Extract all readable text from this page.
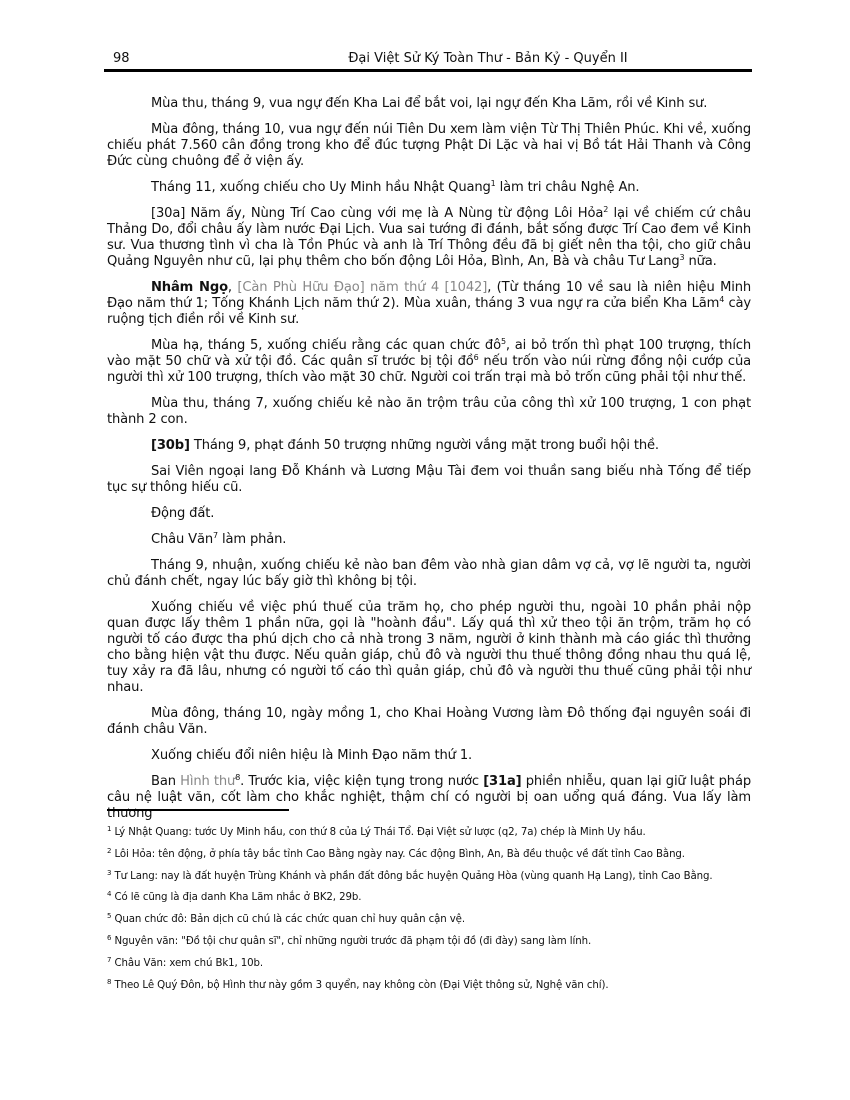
98	Đại Việt Sử Ký Toàn Thư - Bản Kỷ - Quyển II

Mùa thu, tháng 9, vua ngự đến Kha Lai để bắt voi, lại ngự đến Kha Lãm, rồi về Kinh sư.

Mùa đông, tháng 10, vua ngự đến núi Tiên Du xem làm viện Từ Thị Thiên Phúc. Khi về, xuống chiếu phát 7.560 cân đồng trong kho để đúc tượng Phật Di Lặc và hai vị Bồ tát Hải Thanh và Công Đức cùng chuông để ở viện ấy.

Tháng 11, xuống chiếu cho Uy Minh hầu Nhật Quang$^1$ làm tri châu Nghệ An.

[30a] Năm ấy, Nùng Trí Cao cùng với mẹ là A Nùng từ động Lôi Hỏa$^2$ lại về chiếm cứ châu Thảng Do, đổi châu ấy làm nước Đại Lịch. Vua sai tướng đi đánh, bắt sống được Trí Cao đem về Kinh sư. Vua thương tình vì cha là Tồn Phúc và anh là Trí Thông đều đã bị giết nên tha tội, cho giữ châu Quảng Nguyên như cũ, lại phụ thêm cho bốn động Lôi Hỏa, Bình, An, Bà và châu Tư Lang$^3$ nữa.

Nhâm Ngọ, [Càn Phù Hữu Đạo] năm thứ 4 [1042], (Từ tháng 10 về sau là niên hiệu Minh Đạo năm thứ 1; Tống Khánh Lịch năm thứ 2). Mùa xuân, tháng 3 vua ngự ra cửa biển Kha Lãm$^4$ cày ruộng tịch điền rồi về Kinh sư.

Mùa hạ, tháng 5, xuống chiếu rằng các quan chức $đô^5$, ai bỏ trốn thì phạt 100 trượng, thích vào mặt 50 chữ và xử tội đồ. Các quân sĩ trước bị tội đồ$^6$ nếu trốn vào núi rừng đồng nội cướp của người thì xử 100 trượng, thích vào mặt 30 chữ. Người coi trấn trại mà bỏ trốn cũng phải tội như thế.

Mùa thu, tháng 7, xuống chiếu kẻ nào ăn trộm trâu của công thì xử 100 trượng, 1 con phạt thành 2 con.

[30b] Tháng 9, phạt đánh 50 trượng những người vắng mặt trong buổi hội thề.

Sai Viên ngoại lang Đỗ Khánh và Lương Mậu Tài đem voi thuần sang biếu nhà Tống để tiếp tục sự thông hiếu cũ.

Động đất.

Châu Văn$^7$ làm phản.

Tháng 9, nhuận, xuống chiếu kẻ nào ban đêm vào nhà gian dâm vợ cả, vợ lẽ người ta, người chủ đánh chết, ngay lúc bấy giờ thì không bị tội.

Xuống chiếu về việc phú thuế của trăm họ, cho phép người thu, ngoài 10 phần phải nộp quan được lấy thêm 1 phần nữa, gọi là "hoành đầu". Lấy quá thì xử theo tội ăn trộm, trăm họ có người tố cáo được tha phú dịch cho cả nhà trong 3 năm, người ở kinh thành mà cáo giác thì thưởng cho bằng hiện vật thu được. Nếu quản giáp, chủ đô và người thu thuế thông đồng nhau thu quá lệ, tuy xảy ra đã lâu, nhưng có người tố cáo thì quản giáp, chủ đô và người thu thuế cũng phải tội như nhau.

Mùa đông, tháng 10, ngày mồng 1, cho Khai Hoàng Vương làm Đô thống đại nguyên soái đi đánh châu Văn.

Xuống chiếu đổi niên hiệu là Minh Đạo năm thứ 1.

Ban Hình thư$^8$. Trước kia, việc kiện tụng trong nước [31a] phiền nhiễu, quan lại giữ luật pháp câu nệ luật văn, cốt làm cho khắc nghiệt, thậm chí có người bị oan uổng quá đáng. Vua lấy làm thương

$^1$ Lý Nhật Quang: tước Uy Minh hầu, con thứ 8 của Lý Thái Tổ. Đại Việt sử lược (q2, 7a) chép là Minh Uy hầu.
$^2$ Lôi Hỏa: tên động, ở phía tây bắc tỉnh Cao Bằng ngày nay. Các động Bình, An, Bà đều thuộc về đất tỉnh Cao Bằng.
$^3$ Tư Lang: nay là đất huyện Trùng Khánh và phần đất đông bắc huyện Quảng Hòa (vùng quanh Hạ Lang), tỉnh Cao Bằng.
$^4$ Có lẽ cũng là địa danh Kha Lãm nhắc ở BK2, 29b.
$^5$ Quan chức đô: Bản dịch cũ chú là các chức quan chỉ huy quân cận vệ.
$^6$ Nguyên văn: "Đồ tội chư quân sĩ", chỉ những người trước đã phạm tội đồ (đi đày) sang làm lính.
$^7$ Châu Văn: xem chú Bk1, 10b.
$^8$ Theo Lê Quý Đôn, bộ Hình thư này gồm 3 quyển, nay không còn (Đại Việt thông sử, Nghệ văn chí).
